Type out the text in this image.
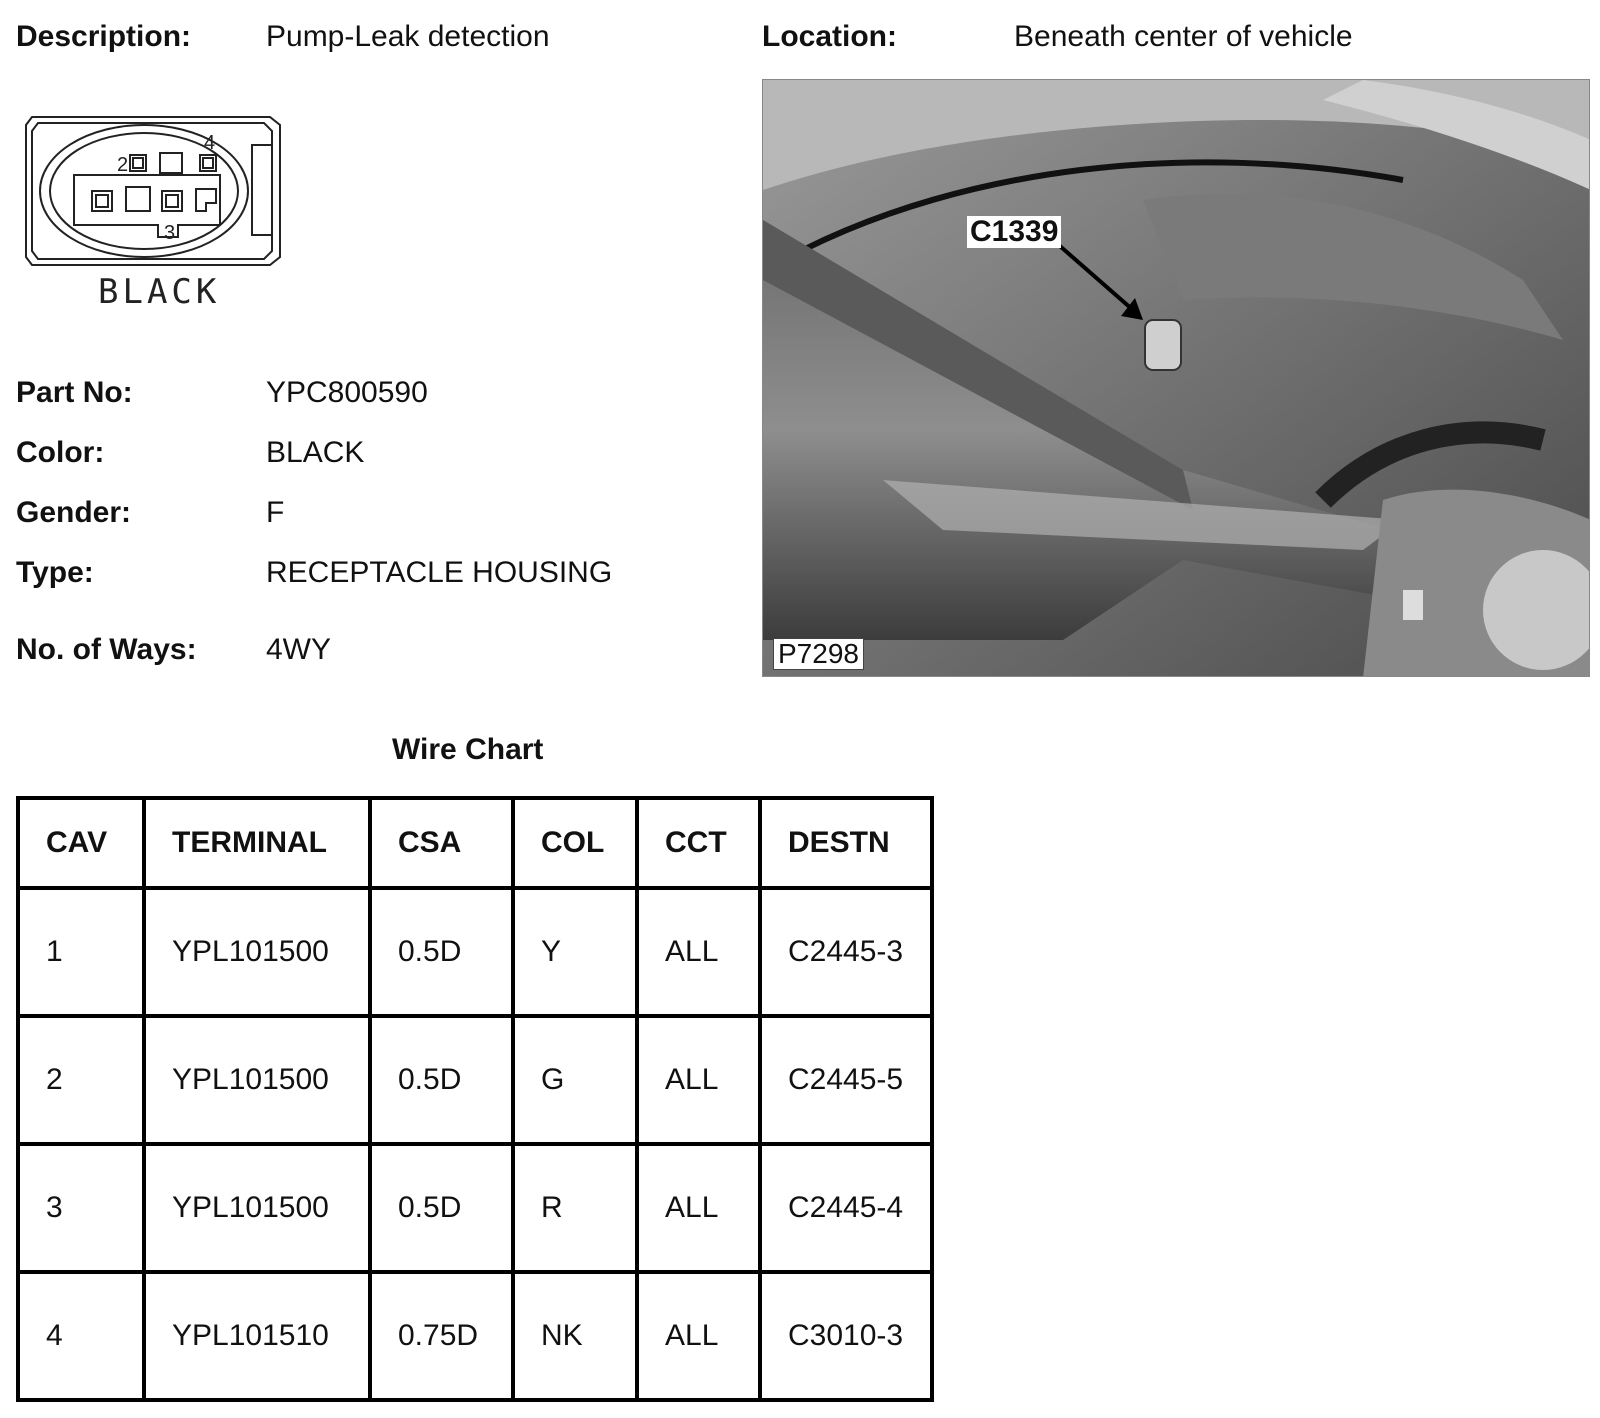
Description: Pump-Leak detection	Location:	Beneath center of vehicle
2
4
3
BLACK
Part No:	YPC800590
Color:	BLACK
Gender:	F
Type:	RECEPTACLE HOUSING
No. of Ways: 4WY
C1339
P7298
Wire Chart
CAV	TERMINAL	CSA	COL	CCT	DESTN
1	YPL101500	0.5D	Y	ALL	C2445-3
2	YPL101500	0.5D	G	ALL	C2445-5
3	YPL101500	0.5D	R	ALL	C2445-4
4	YPL101510	0.75D	NK	ALL	C3010-3
